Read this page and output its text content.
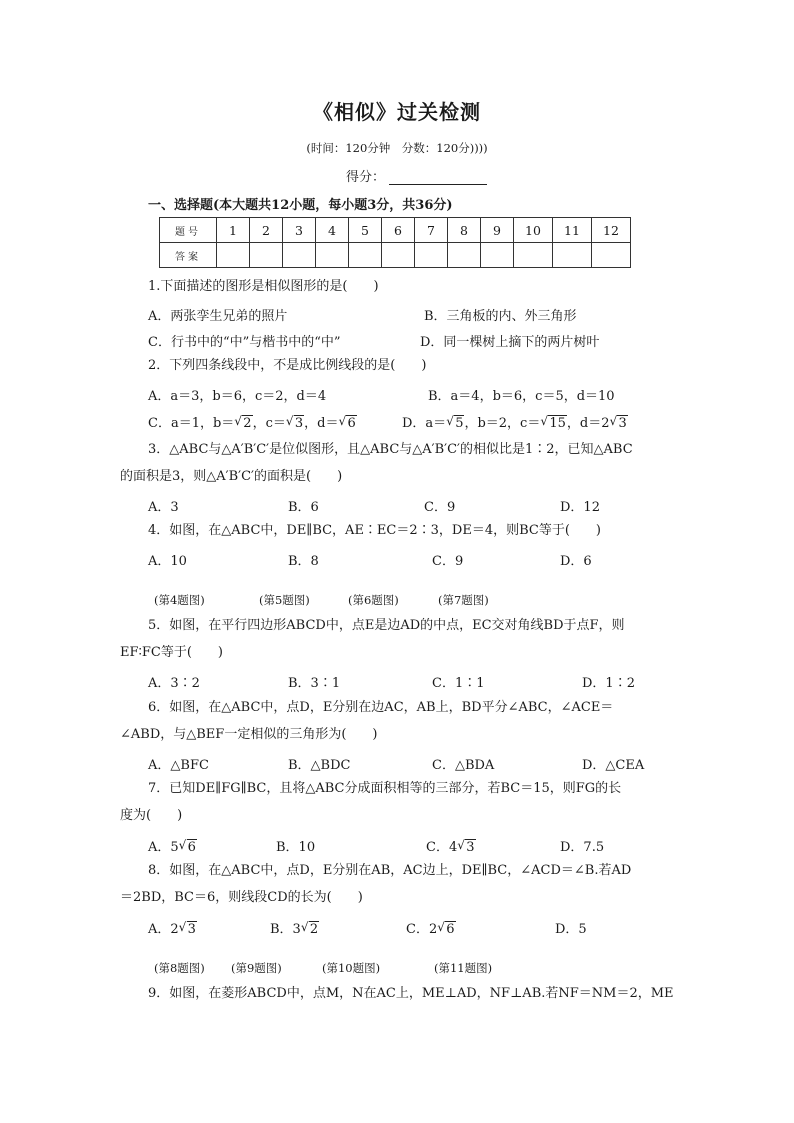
《相似》过关检测
(时间：120分钟　分数：120分))))
得分：
一、选择题(本大题共12小题，每小题3分，共36分)
题号	1	2	3	4	5	6	7	8	9	10	11	12
答案												
1.下面描述的图形是相似图形的是(　　)
A．两张孪生兄弟的照片	B．三角板的内、外三角形
C．行书中的“中”与楷书中的“中”	D．同一棵树上摘下的两片树叶
2．下列四条线段中，不是成比例线段的是(　　)
A．a＝3，b＝6，c＝2，d＝4	B．a＝4，b＝6，c＝5，d＝10
C．a＝1，b＝ √ 2，c＝ √ 3，d＝ √ 6	D．a＝ √ 5，b＝2，c＝ √ 15，d＝2 √ 3
3．△ABC与△A′B′C′是位似图形，且△ABC与△A′B′C′的相似比是1∶2，已知△ABC
的面积是3，则△A′B′C′的面积是(　　)
A．3	B．6	C．9	D．12
4．如图，在△ABC中，DE∥BC，AE∶EC＝2∶3，DE＝4，则BC等于(　　)
A．10	B．8	C．9	D．6
(第4题图)	(第5题图)	(第6题图)	(第7题图)
5．如图，在平行四边形ABCD中，点E是边AD的中点，EC交对角线BD于点F，则
EF∶FC等于(　　)
A．3∶2	B．3∶1	C．1∶1	D．1∶2
6．如图，在△ABC中，点D，E分别在边AC，AB上，BD平分∠ABC，∠ACE＝
∠ABD，与△BEF一定相似的三角形为(　　)
A．△BFC	B．△BDC	C．△BDA	D．△CEA
7．已知DE∥FG∥BC，且将△ABC分成面积相等的三部分，若BC＝15，则FG的长
度为(　　)
A．5 √ 6	B．10	C．4 √ 3	D．7.5
8．如图，在△ABC中，点D，E分别在AB，AC边上，DE∥BC，∠ACD＝∠B.若AD
＝2BD，BC＝6，则线段CD的长为(　　)
A．2 √ 3	B．3 √ 2	C．2 √ 6	D．5
(第8题图) (第9题图)	(第10题图)	(第11题图)
9．如图，在菱形ABCD中，点M，N在AC上，ME⊥AD，NF⊥AB.若NF＝NM＝2，ME
